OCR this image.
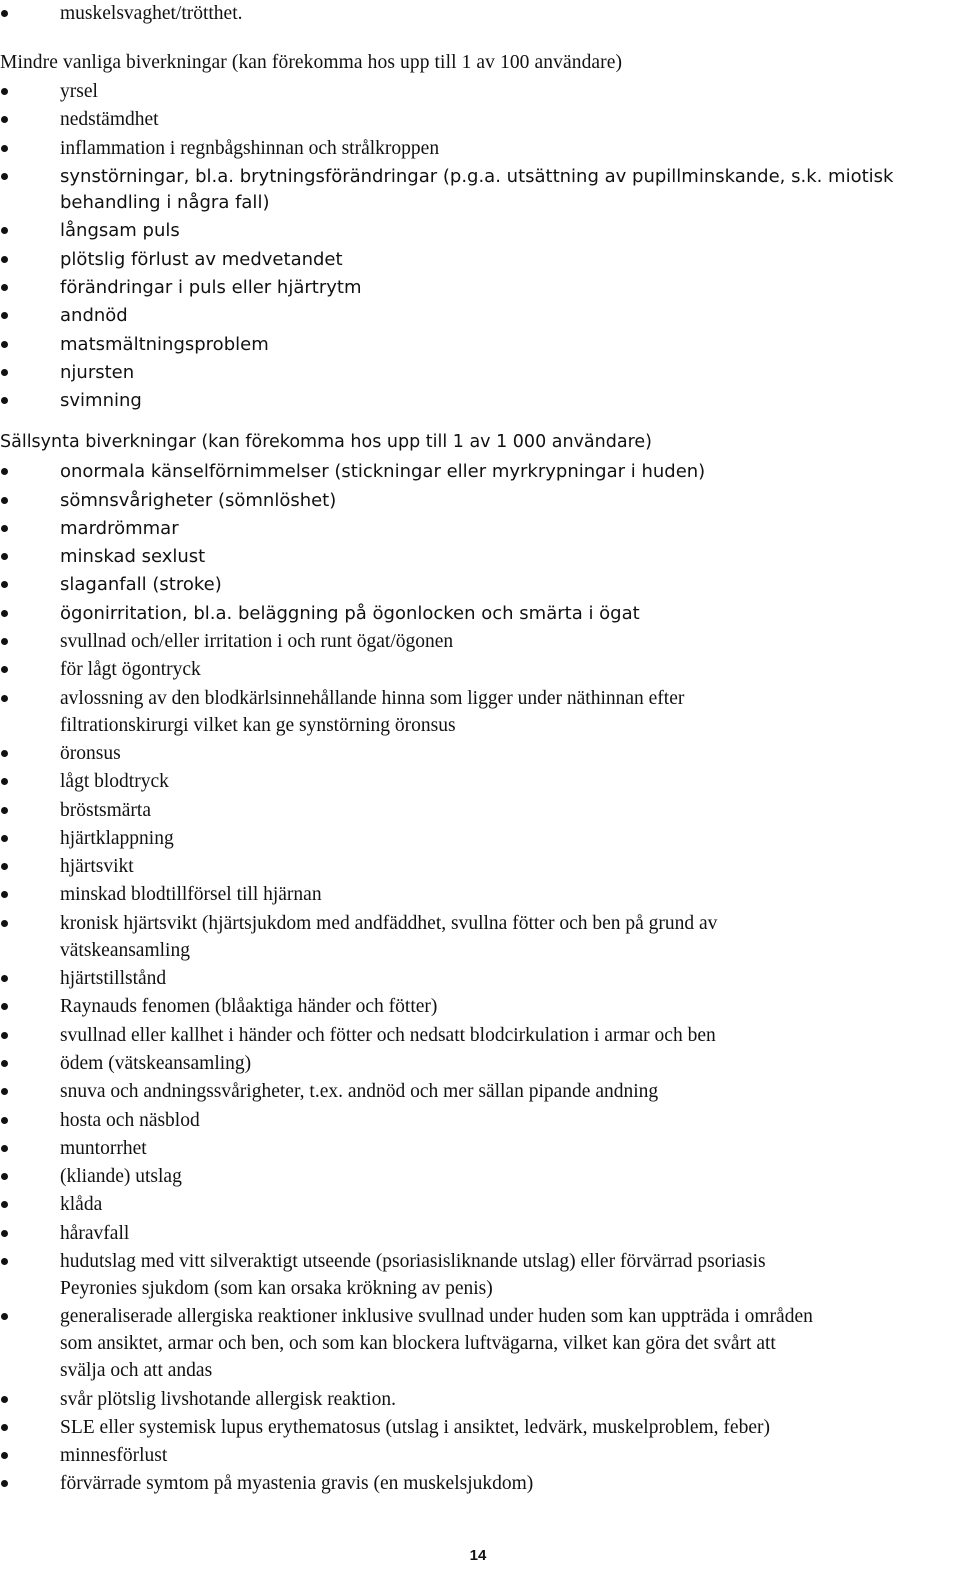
muskelsvaghet/trötthet.
Mindre vanliga biverkningar (kan förekomma hos upp till 1 av 100 användare)
yrsel
nedstämdhet
inflammation i regnbågshinnan och strålkroppen
synstörningar, bl.a. brytningsförändringar (p.g.a. utsättning av pupillminskande, s.k. miotisk
behandling i några fall)
långsam puls
plötslig förlust av medvetandet
förändringar i puls eller hjärtrytm
andnöd
matsmältningsproblem
njursten
svimning
Sällsynta biverkningar (kan förekomma hos upp till 1 av 1 000 användare)
onormala känselförnimmelser (stickningar eller myrkrypningar i huden)
sömnsvårigheter (sömnlöshet)
mardrömmar
minskad sexlust
slaganfall (stroke)
ögonirritation, bl.a. beläggning på ögonlocken och smärta i ögat
svullnad och/eller irritation i och runt ögat/ögonen
för lågt ögontryck
avlossning av den blodkärlsinnehållande hinna som ligger under näthinnan efter
filtrationskirurgi vilket kan ge synstörning öronsus
öronsus
lågt blodtryck
bröstsmärta
hjärtklappning
hjärtsvikt
minskad blodtillförsel till hjärnan
kronisk hjärtsvikt (hjärtsjukdom med andfäddhet, svullna fötter och ben på grund av
vätskeansamling
hjärtstillstånd
Raynauds fenomen (blåaktiga händer och fötter)
svullnad eller kallhet i händer och fötter och nedsatt blodcirkulation i armar och ben
ödem (vätskeansamling)
snuva och andningssvårigheter, t.ex. andnöd och mer sällan pipande andning
hosta och näsblod
muntorrhet
(kliande) utslag
klåda
håravfall
hudutslag med vitt silveraktigt utseende (psoriasisliknande utslag) eller förvärrad psoriasis
Peyronies sjukdom (som kan orsaka krökning av penis)
generaliserade allergiska reaktioner inklusive svullnad under huden som kan uppträda i områden
som ansiktet, armar och ben, och som kan blockera luftvägarna, vilket kan göra det svårt att
svälja och att andas
svår plötslig livshotande allergisk reaktion.
SLE eller systemisk lupus erythematosus (utslag i ansiktet, ledvärk, muskelproblem, feber)
minnesförlust
förvärrade symtom på myastenia gravis (en muskelsjukdom)
14
